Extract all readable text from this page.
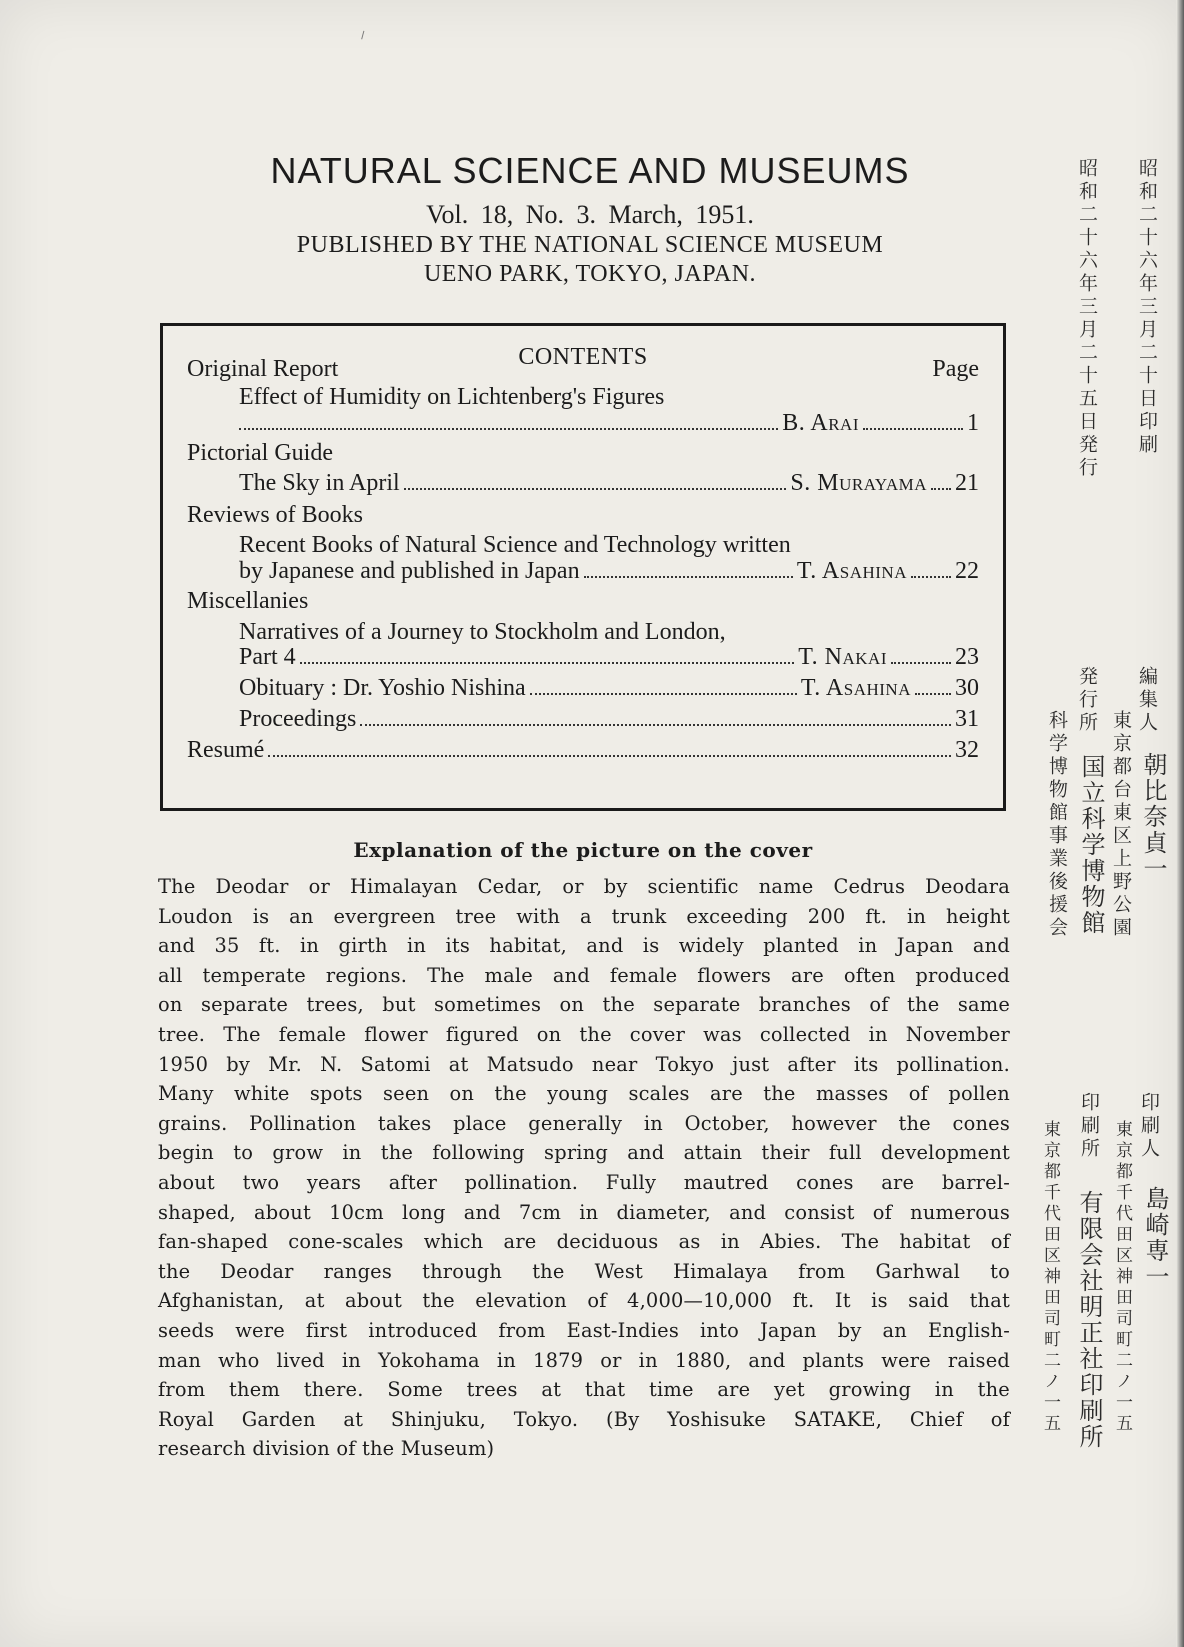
⸍
NATURAL SCIENCE AND MUSEUMS
Vol. 18, No. 3. March, 1951.
PUBLISHED BY THE NATIONAL SCIENCE MUSEUM
UENO PARK, TOKYO, JAPAN.
CONTENTS
Original Report	Page
Effect of Humidity on Lichtenberg's Figures
B. Arai	1
Pictorial Guide
The Sky in April	S. Murayama 21
Reviews of Books
Recent Books of Natural Science and Technology written
by Japanese and published in Japan	T. Asahina 22
Miscellanies
Narratives of a Journey to Stockholm and London,
Part 4	T. Nakai	23
Obituary : Dr. Yoshio Nishina	T. Asahina 30
Proceedings	31
Resumé	32
Explanation of the picture on the cover
The Deodar or Himalayan Cedar, or by scientific name Cedrus Deodara
Loudon is an evergreen tree with a trunk exceeding 200 ft. in height
and 35 ft. in girth in its habitat, and is widely planted in Japan and
all temperate regions. The male and female flowers are often produced
on separate trees, but sometimes on the separate branches of the same
tree. The female flower figured on the cover was collected in November
1950 by Mr. N. Satomi at Matsudo near Tokyo just after its pollination.
Many white spots seen on the young scales are the masses of pollen
grains. Pollination takes place generally in October, however the cones
begin to grow in the following spring and attain their full development
about two years after pollination. Fully mautred cones are barrel-
shaped, about 10cm long and 7cm in diameter, and consist of numerous
fan-shaped cone-scales which are deciduous as in Abies. The habitat of
the Deodar ranges through the West Himalaya from Garhwal to
Afghanistan, at about the elevation of 4,000—10,000 ft. It is said that
seeds were first introduced from East-Indies into Japan by an English-
man who lived in Yokohama in 1879 or in 1880, and plants were raised
from them there. Some trees at that time are yet growing in the
Royal Garden at Shinjuku, Tokyo. (By Yoshisuke SATAKE, Chief of
research division of the Museum)
昭和二十六年三月二十日印刷
昭和二十六年三月二十五日発行
編集人
東京都台東区上野公園 朝比奈貞一
発行所
国立科学博物館
科学博物館事業後援会
印刷人
東京都千代田区神田司町二ノ一五 島崎専一
印刷所
東京都千代田区神田司町二ノ一五 有限会社明正社印刷所
